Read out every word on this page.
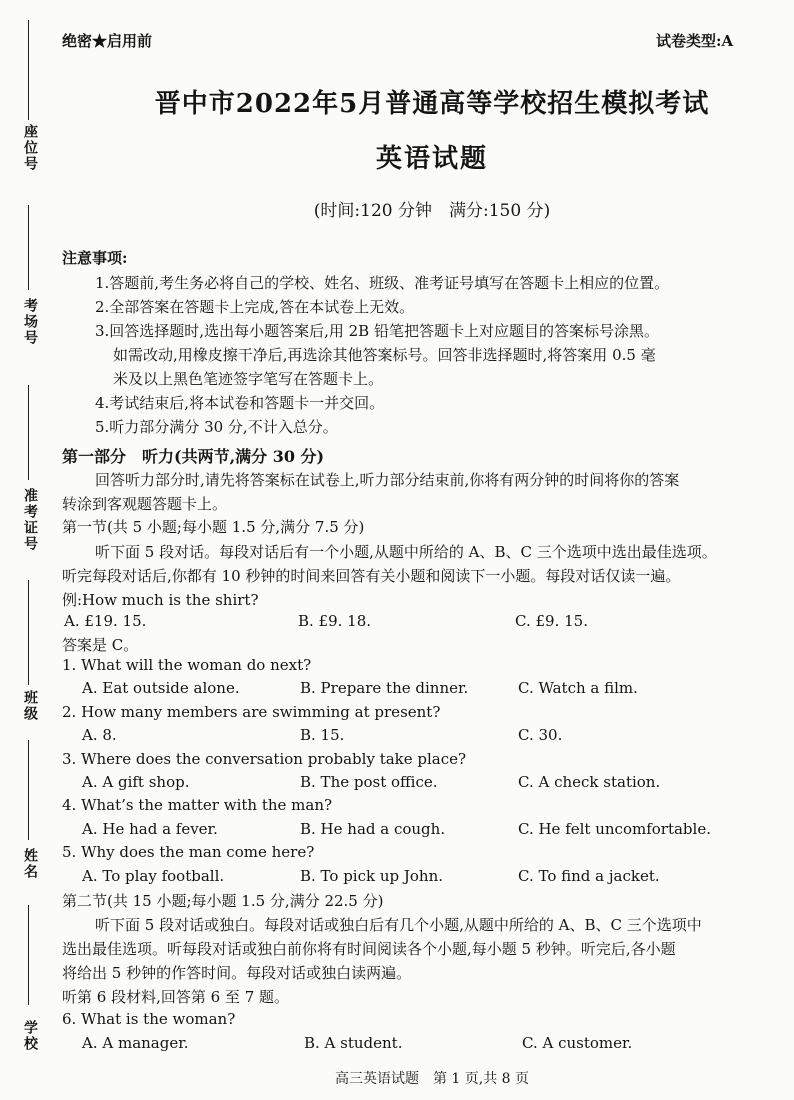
座位号
考场号
准考证号
班级
姓名
学校
绝密★启用前	试卷类型:A
晋中市2022年5月普通高等学校招生模拟考试
英语试题
(时间:120 分钟　满分:150 分)
注意事项:
1.答题前,考生务必将自己的学校、姓名、班级、准考证号填写在答题卡上相应的位置。
2.全部答案在答题卡上完成,答在本试卷上无效。
3.回答选择题时,选出每小题答案后,用 2B 铅笔把答题卡上对应题目的答案标号涂黑。
如需改动,用橡皮擦干净后,再选涂其他答案标号。回答非选择题时,将答案用 0.5 毫
米及以上黑色笔迹签字笔写在答题卡上。
4.考试结束后,将本试卷和答题卡一并交回。
5.听力部分满分 30 分,不计入总分。
第一部分　听力(共两节,满分 30 分)
回答听力部分时,请先将答案标在试卷上,听力部分结束前,你将有两分钟的时间将你的答案
转涂到客观题答题卡上。
第一节(共 5 小题;每小题 1.5 分,满分 7.5 分)
听下面 5 段对话。每段对话后有一个小题,从题中所给的 A、B、C 三个选项中选出最佳选项。
听完每段对话后,你都有 10 秒钟的时间来回答有关小题和阅读下一小题。每段对话仅读一遍。
例:How much is the shirt?
A. £19. 15.	B. £9. 18.	C. £9. 15.
答案是 C。
1. What will the woman do next?
A. Eat outside alone.	B. Prepare the dinner.	C. Watch a film.
2. How many members are swimming at present?
A. 8.	B. 15.	C. 30.
3. Where does the conversation probably take place?
A. A gift shop.	B. The post office.	C. A check station.
4. What’s the matter with the man?
A. He had a fever.	B. He had a cough.	C. He felt uncomfortable.
5. Why does the man come here?
A. To play football.	B. To pick up John.	C. To find a jacket.
第二节(共 15 小题;每小题 1.5 分,满分 22.5 分)
听下面 5 段对话或独白。每段对话或独白后有几个小题,从题中所给的 A、B、C 三个选项中
选出最佳选项。听每段对话或独白前你将有时间阅读各个小题,每小题 5 秒钟。听完后,各小题
将给出 5 秒钟的作答时间。每段对话或独白读两遍。
听第 6 段材料,回答第 6 至 7 题。
6. What is the woman?
A. A manager.	B. A student.	C. A customer.
高三英语试题　第 1 页,共 8 页
